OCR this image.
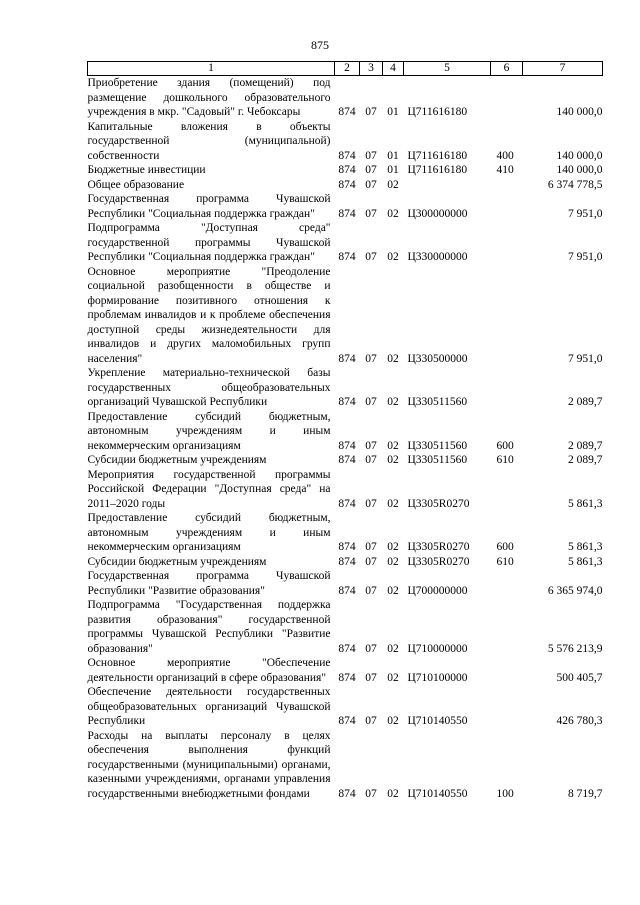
875
1	2	3	4	5	6	7
Приобретение здания (помещений) под размещение дошкольного образовательного учреждения в мкр. "Садовый" г. Чебоксары	874	07	01	Ц711616180		140 000,0
Капитальные вложения в объекты государственной (муниципальной) собственности	874	07	01	Ц711616180	400	140 000,0
Бюджетные инвестиции	874	07	01	Ц711616180	410	140 000,0
Общее образование	874	07	02			6 374 778,5
Государственная программа Чувашской Республики "Социальная поддержка граждан"	874	07	02	Ц300000000		7 951,0
Подпрограмма "Доступная среда" государственной программы Чувашской Республики "Социальная поддержка граждан"	874	07	02	Ц330000000		7 951,0
Основное мероприятие "Преодоление социальной разобщенности в обществе и формирование позитивного отношения к проблемам инвалидов и к проблеме обеспечения доступной среды жизнедеятельности для инвалидов и других маломобильных групп населения"	874	07	02	Ц330500000		7 951,0
Укрепление материально-технической базы государственных общеобразовательных организаций Чувашской Республики	874	07	02	Ц330511560		2 089,7
Предоставление субсидий бюджетным, автономным учреждениям и иным некоммерческим организациям	874	07	02	Ц330511560	600	2 089,7
Субсидии бюджетным учреждениям	874	07	02	Ц330511560	610	2 089,7
Мероприятия государственной программы Российской Федерации "Доступная среда" на 2011–2020 годы	874	07	02	Ц3305R0270		5 861,3
Предоставление субсидий бюджетным, автономным учреждениям и иным некоммерческим организациям	874	07	02	Ц3305R0270	600	5 861,3
Субсидии бюджетным учреждениям	874	07	02	Ц3305R0270	610	5 861,3
Государственная программа Чувашской Республики "Развитие образования"	874	07	02	Ц700000000		6 365 974,0
Подпрограмма "Государственная поддержка развития образования" государственной программы Чувашской Республики "Развитие образования"	874	07	02	Ц710000000		5 576 213,9
Основное мероприятие "Обеспечение деятельности организаций в сфере образования"	874	07	02	Ц710100000		500 405,7
Обеспечение деятельности государственных общеобразовательных организаций Чувашской Республики	874	07	02	Ц710140550		426 780,3
Расходы на выплаты персоналу в целях обеспечения выполнения функций государственными (муниципальными) органами, казенными учреждениями, органами управления государственными внебюджетными фондами	874	07	02	Ц710140550	100	8 719,7
